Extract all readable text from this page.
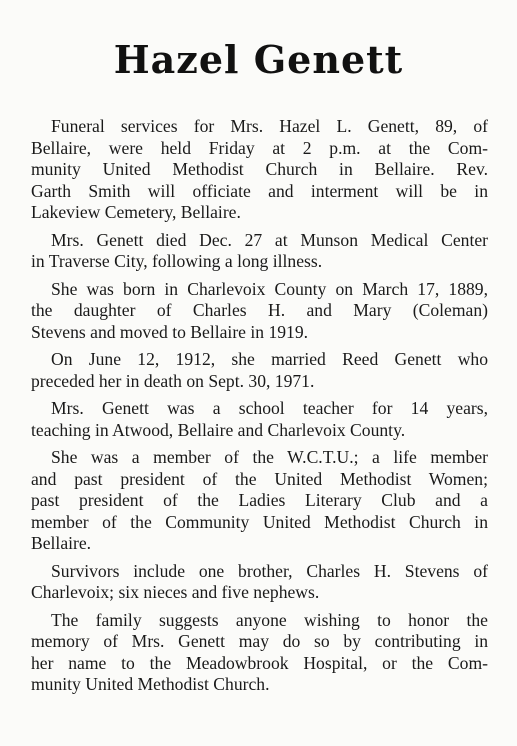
Hazel Genett

Funeral services for Mrs. Hazel L. Genett, 89, of
Bellaire, were held Friday at 2 p.m. at the Com-
munity United Methodist Church in Bellaire. Rev.
Garth Smith will officiate and interment will be in
Lakeview Cemetery, Bellaire.

Mrs. Genett died Dec. 27 at Munson Medical Center
in Traverse City, following a long illness.

She was born in Charlevoix County on March 17, 1889,
the daughter of Charles H. and Mary (Coleman)
Stevens and moved to Bellaire in 1919.

On June 12, 1912, she married Reed Genett who
preceded her in death on Sept. 30, 1971.

Mrs. Genett was a school teacher for 14 years,
teaching in Atwood, Bellaire and Charlevoix County.

She was a member of the W.C.T.U.; a life member
and past president of the United Methodist Women;
past president of the Ladies Literary Club and a
member of the Community United Methodist Church in
Bellaire.

Survivors include one brother, Charles H. Stevens of
Charlevoix; six nieces and five nephews.

The family suggests anyone wishing to honor the
memory of Mrs. Genett may do so by contributing in
her name to the Meadowbrook Hospital, or the Com-
munity United Methodist Church.
